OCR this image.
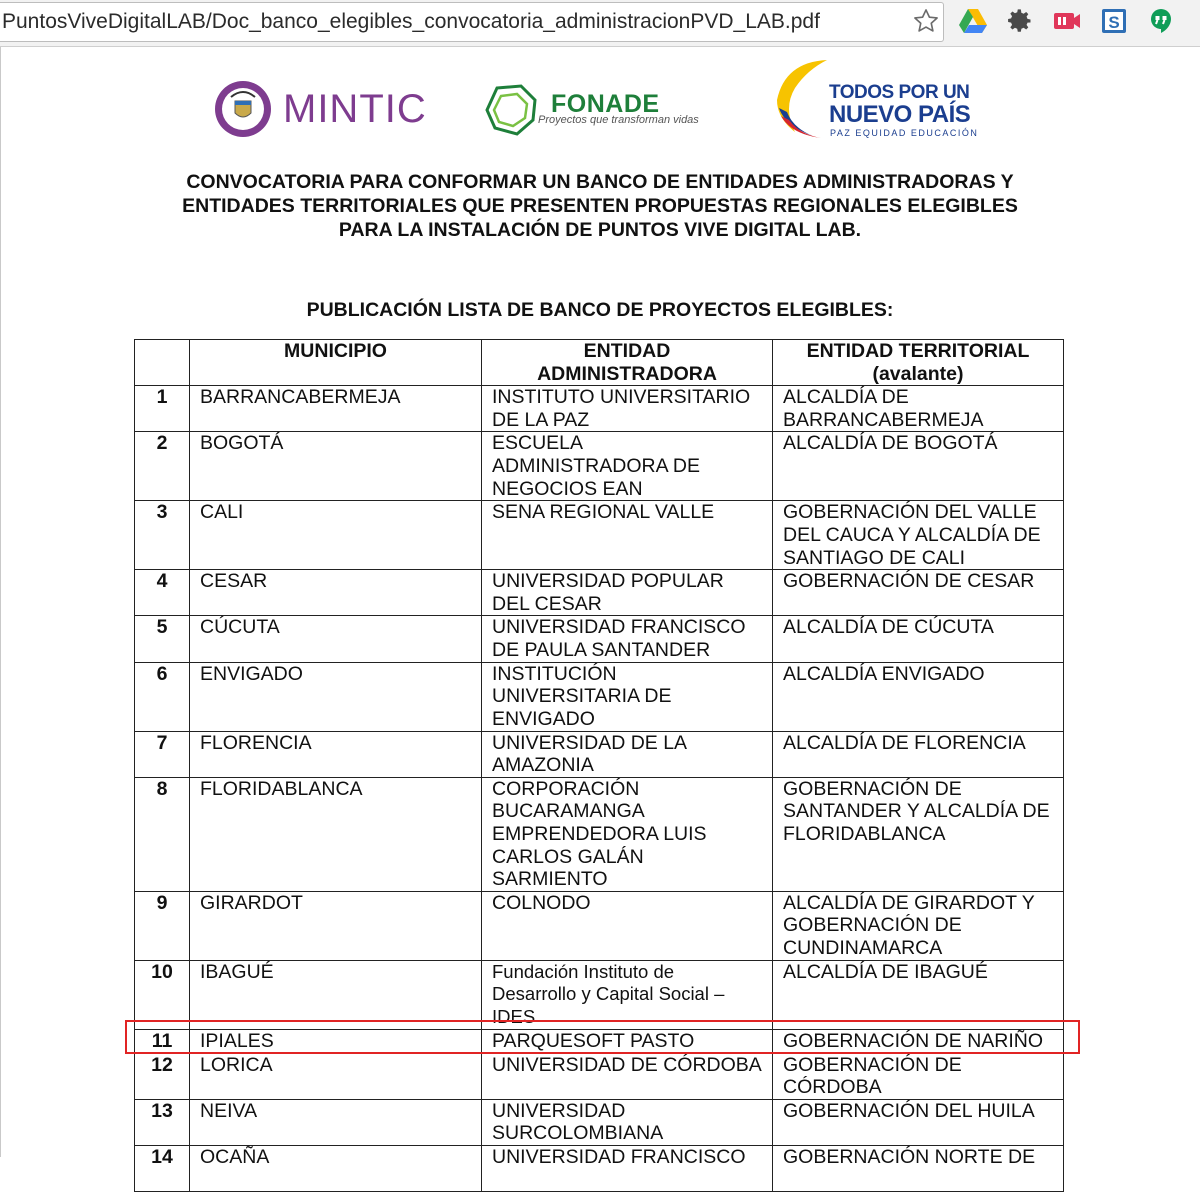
PuntosViveDigitalLAB/Doc_banco_elegibles_convocatoria_administracionPVD_LAB.pdf	S
MINTIC	FONADE
Proyectos que transforman vidas
TODOS POR UN
NUEVO PAÍS
PAZ EQUIDAD EDUCACIÓN
CONVOCATORIA PARA CONFORMAR UN BANCO DE ENTIDADES ADMINISTRADORAS Y
ENTIDADES TERRITORIALES QUE PRESENTEN PROPUESTAS REGIONALES ELEGIBLES
PARA LA INSTALACIÓN DE PUNTOS VIVE DIGITAL LAB.
PUBLICACIÓN LISTA DE BANCO DE PROYECTOS ELEGIBLES:
	MUNICIPIO	ENTIDAD ADMINISTRADORA	ENTIDAD TERRITORIAL (avalante)
1	BARRANCABERMEJA	INSTITUTO UNIVERSITARIO DE LA PAZ	ALCALDÍA DE BARRANCABERMEJA
2	BOGOTÁ	ESCUELA ADMINISTRADORA DE NEGOCIOS EAN	ALCALDÍA DE BOGOTÁ
3	CALI	SENA REGIONAL VALLE	GOBERNACIÓN DEL VALLE DEL CAUCA Y ALCALDÍA DE SANTIAGO DE CALI
4	CESAR	UNIVERSIDAD POPULAR DEL CESAR	GOBERNACIÓN DE CESAR
5	CÚCUTA	UNIVERSIDAD FRANCISCO DE PAULA SANTANDER	ALCALDÍA DE CÚCUTA
6	ENVIGADO	INSTITUCIÓN UNIVERSITARIA DE ENVIGADO	ALCALDÍA ENVIGADO
7	FLORENCIA	UNIVERSIDAD DE LA AMAZONIA	ALCALDÍA DE FLORENCIA
8	FLORIDABLANCA	CORPORACIÓN BUCARAMANGA EMPRENDEDORA LUIS CARLOS GALÁN SARMIENTO	GOBERNACIÓN DE SANTANDER Y ALCALDÍA DE FLORIDABLANCA
9	GIRARDOT	COLNODO	ALCALDÍA DE GIRARDOT Y GOBERNACIÓN DE CUNDINAMARCA
10	IBAGUÉ	Fundación Instituto de Desarrollo y Capital Social – IDES	ALCALDÍA DE IBAGUÉ
11	IPIALES	PARQUESOFT PASTO	GOBERNACIÓN DE NARIÑO
12	LORICA	UNIVERSIDAD DE CÓRDOBA	GOBERNACIÓN DE CÓRDOBA
13	NEIVA	UNIVERSIDAD SURCOLOMBIANA	GOBERNACIÓN DEL HUILA
14	OCAÑA	UNIVERSIDAD FRANCISCO	GOBERNACIÓN NORTE DE
